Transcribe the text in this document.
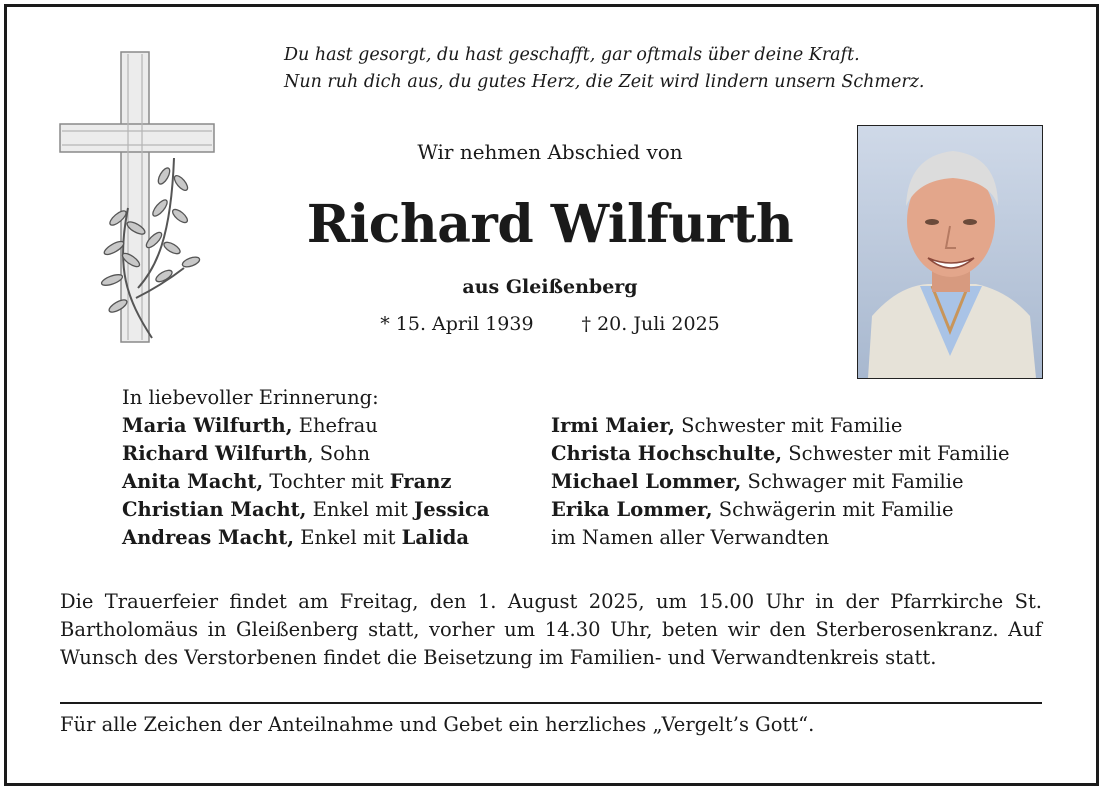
Du hast gesorgt, du hast geschafft, gar oftmals über deine Kraft.
Nun ruh dich aus, du gutes Herz, die Zeit wird lindern unsern Schmerz.
Wir nehmen Abschied von
Richard Wilfurth
aus Gleißenberg
* 15. April 1939	† 20. Juli 2025
In liebevoller Erinnerung:
Maria Wilfurth, Ehefrau
Richard Wilfurth, Sohn
Anita Macht, Tochter mit Franz
Christian Macht, Enkel mit Jessica
Andreas Macht, Enkel mit Lalida
Irmi Maier, Schwester mit Familie
Christa Hochschulte, Schwester mit Familie
Michael Lommer, Schwager mit Familie
Erika Lommer, Schwägerin mit Familie
im Namen aller Verwandten
Die Trauerfeier findet am Freitag, den 1. August 2025, um 15.00 Uhr in der Pfarrkirche St. Bartholomäus in Gleißenberg statt, vorher um 14.30 Uhr, beten wir den Sterberosenkranz. Auf Wunsch des Verstorbenen findet die Beisetzung im Familien- und Verwandtenkreis statt.
Für alle Zeichen der Anteilnahme und Gebet ein herzliches „Vergelt’s Gott“.
